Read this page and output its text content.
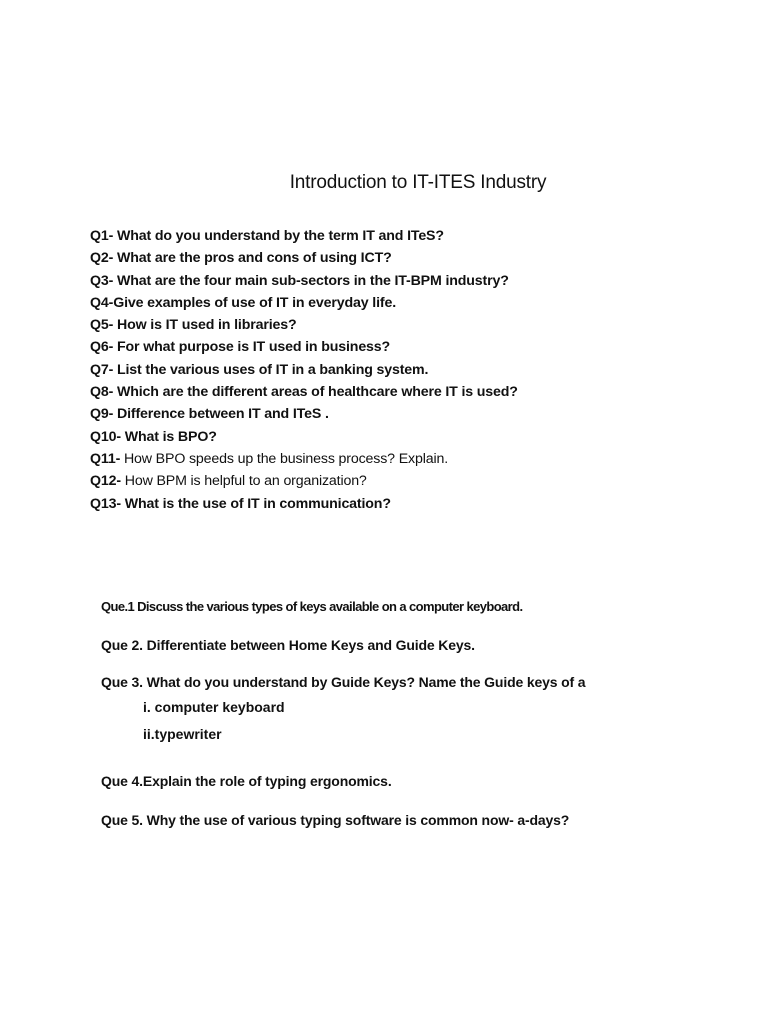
Introduction to IT-ITES Industry
Q1- What do you understand by the term IT and ITeS?
Q2- What are the pros and cons of using ICT?
Q3- What are the four main sub-sectors in the IT-BPM industry?
Q4-Give examples of use of IT in everyday life.
Q5- How is IT used in libraries?
Q6- For what purpose is IT used in business?
Q7- List the various uses of IT in a banking system.
Q8- Which are the different areas of healthcare where IT is used?
Q9- Difference between IT and ITeS .
Q10- What is BPO?
Q11- How BPO speeds up the business process? Explain.
Q12- How BPM is helpful to an organization?
Q13- What is the use of IT in communication?

Que.1 Discuss the various types of keys available on a computer keyboard.

Que 2. Differentiate between Home Keys and Guide Keys.

Que 3. What do you understand by Guide Keys? Name the Guide keys of a

i. computer keyboard

ii.typewriter

Que 4.Explain the role of typing ergonomics.

Que 5. Why the use of various typing software is common now- a-days?
